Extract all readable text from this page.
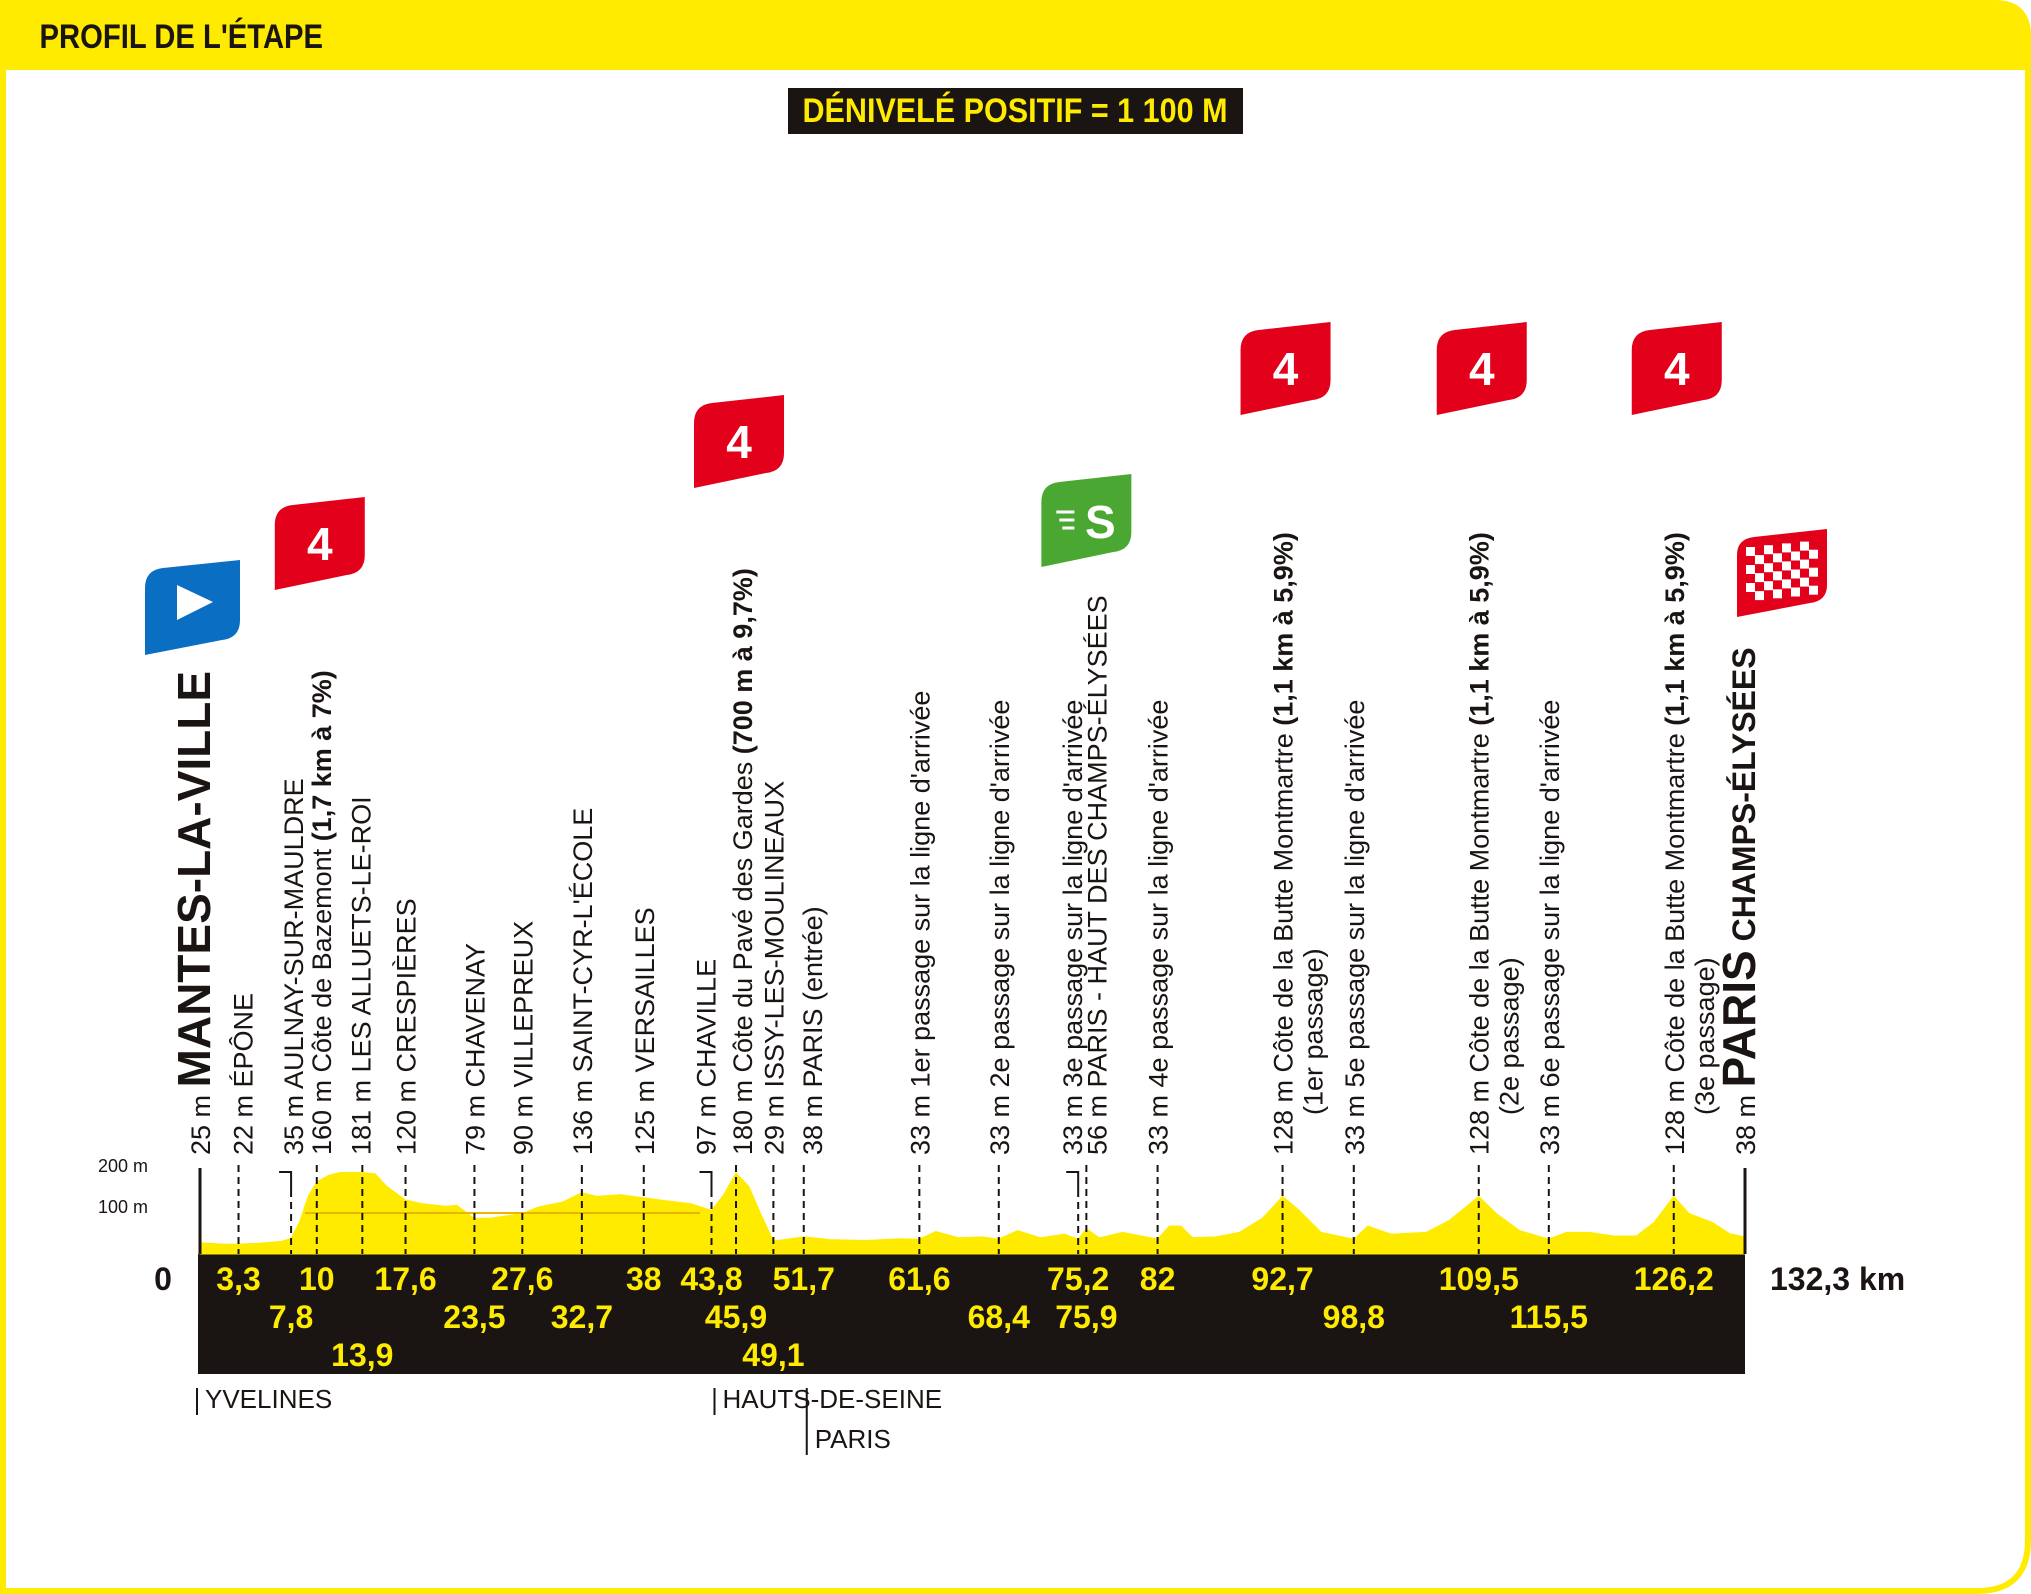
PROFIL DE L'ÉTAPE
DÉNIVELÉ POSITIF = 1 100 M
200 m
100 m
0	132,3 km
25 m MANTES-LA-VILLE
22 m ÉPÔNE
35 m AULNAY-SUR-MAULDRE
160 m Côte de Bazemont (1,7 km à 7%)
181 m LES ALLUETS-LE-ROI
120 m CRESPIÈRES
79 m CHAVENAY
90 m VILLEPREUX
136 m SAINT-CYR-L'ÉCOLE
125 m VERSAILLES
97 m CHAVILLE
180 m Côte du Pavé des Gardes (700 m à 9,7%)
29 m ISSY-LES-MOULINEAUX
38 m PARIS (entrée)
33 m 1er passage sur la ligne d'arrivée
33 m 2e passage sur la ligne d'arrivée
33 m 3e passage sur la ligne d'arrivée
56 m PARIS - HAUT DES CHAMPS-ÉLYSÉES
33 m 4e passage sur la ligne d'arrivée
128 m Côte de la Butte Montmartre (1,1 km à 5,9%)
(1er passage)
33 m 5e passage sur la ligne d'arrivée
128 m Côte de la Butte Montmartre (1,1 km à 5,9%)
(2e passage)
33 m 6e passage sur la ligne d'arrivée
128 m Côte de la Butte Montmartre (1,1 km à 5,9%)
(3e passage)
38 m PARIS CHAMPS-ÉLYSÉES
3,3
7,8
10
13,9
17,6
23,5
27,6
32,7
38 43,8
45,9
49,1
51,7 61,6
68,4
75,2
75,9
82 92,7
98,8
109,5
115,5
126,2
4
4
S
4	4	4
YVELINES	HAUTS-DE-SEINE
PARIS
